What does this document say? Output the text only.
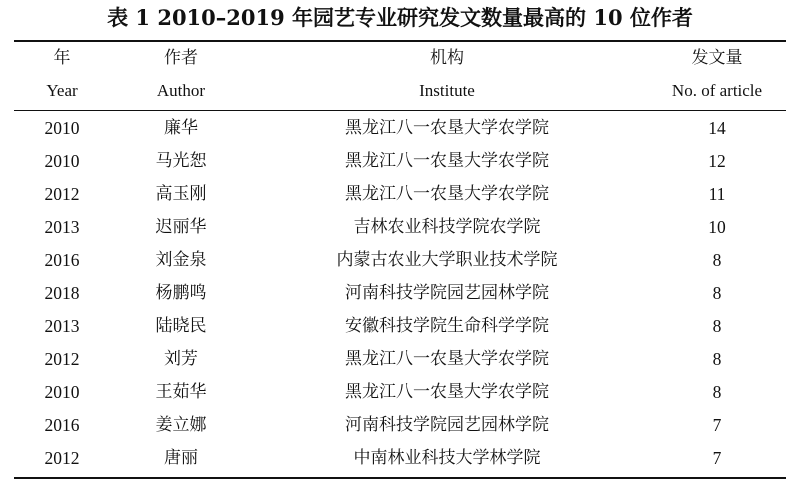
表 1 2010–2019 年园艺专业研究发文数量最高的 10 位作者
年	作者	机构	发文量
Year	Author	Institute	No. of article
2010	廉华	黑龙江八一农垦大学农学院	14
2010	马光恕	黑龙江八一农垦大学农学院	12
2012	高玉刚	黑龙江八一农垦大学农学院	11
2013	迟丽华	吉林农业科技学院农学院	10
2016	刘金泉	内蒙古农业大学职业技术学院	8
2018	杨鹏鸣	河南科技学院园艺园林学院	8
2013	陆晓民	安徽科技学院生命科学学院	8
2012	刘芳	黑龙江八一农垦大学农学院	8
2010	王茹华	黑龙江八一农垦大学农学院	8
2016	姜立娜	河南科技学院园艺园林学院	7
2012	唐丽	中南林业科技大学林学院	7
